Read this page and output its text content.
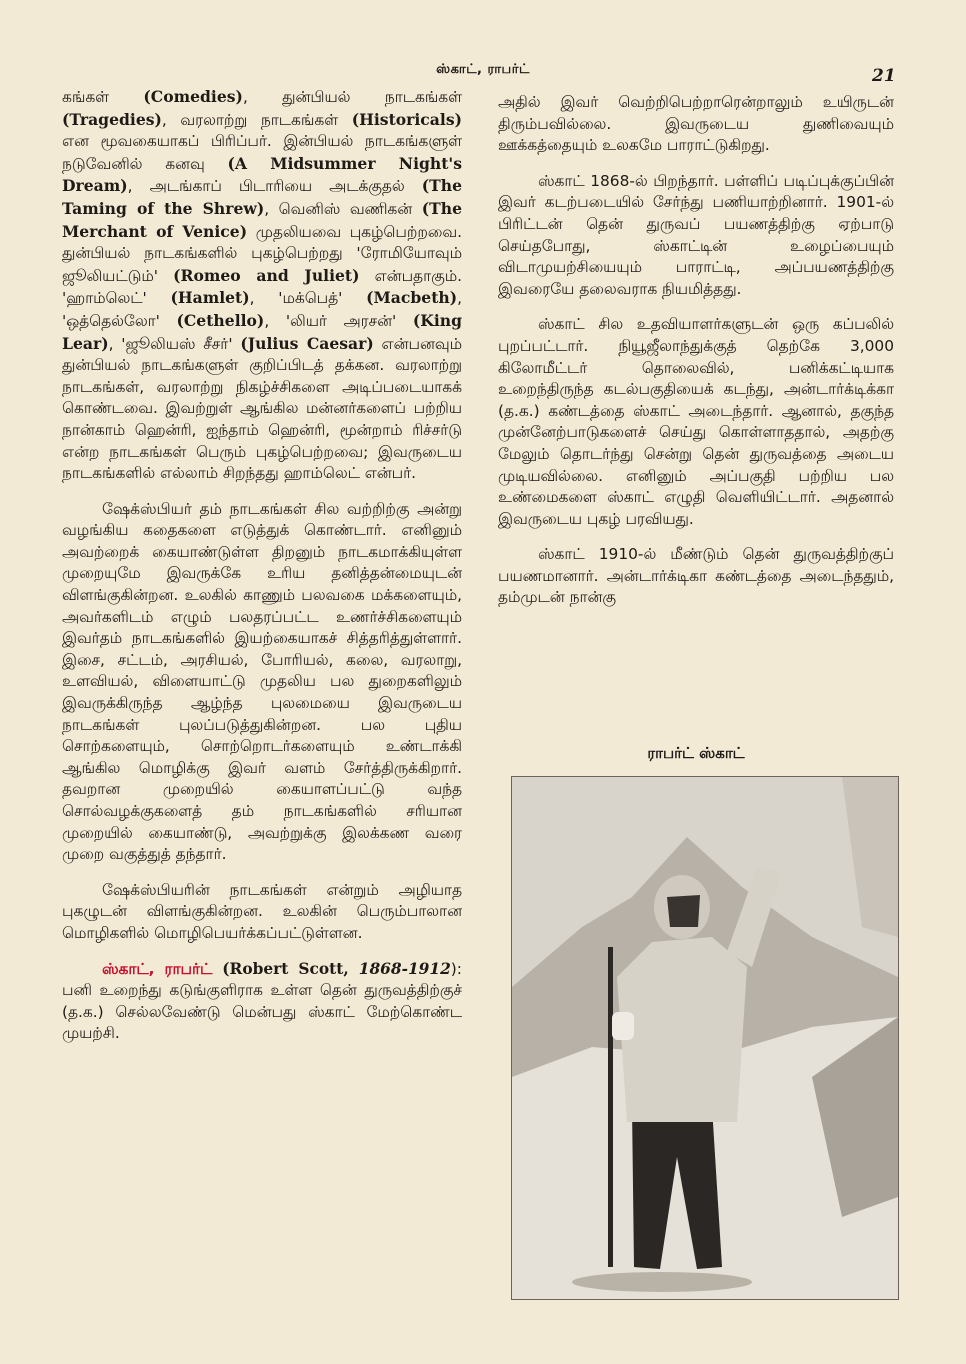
ஸ்காட், ராபர்ட்	21

கங்கள் (Comedies), துன்பியல் நாடகங்கள் (Tragedies), வரலாற்று நாடகங்கள் (Historicals) என மூவகையாகப் பிரிப்பர். இன்பியல் நாடகங்களுள் நடுவேனில் கனவு (A Midsummer Night's Dream), அடங்காப் பிடாரியை அடக்குதல் (The Taming of the Shrew), வெனிஸ் வணிகன் (The Merchant of Venice) முதலியவை புகழ்பெற்றவை. துன்பியல் நாடகங்களில் புகழ்பெற்றது 'ரோமியோவும் ஜூலியட்டும்' (Romeo and Juliet) என்பதாகும். 'ஹாம்லெட்' (Hamlet), 'மக்பெத்' (Macbeth), 'ஒத்தெல்லோ' (Cethello), 'லியர் அரசன்' (King Lear), 'ஜூலியஸ் சீசர்' (Julius Caesar) என்பனவும் துன்பியல் நாடகங்களுள் குறிப்பிடத் தக்கன. வரலாற்று நாடகங்கள், வரலாற்று நிகழ்ச்சிகளை அடிப்படையாகக் கொண்டவை. இவற்றுள் ஆங்கில மன்னர்களைப் பற்றிய நான்காம் ஹென்ரி, ஐந்தாம் ஹென்ரி, மூன்றாம் ரிச்சர்டு என்ற நாடகங்கள் பெரும் புகழ்பெற்றவை; இவருடைய நாடகங்களில் எல்லாம் சிறந்தது ஹாம்லெட் என்பர்.

ஷேக்ஸ்பியர் தம் நாடகங்கள் சில வற்றிற்கு அன்று வழங்கிய கதைகளை எடுத்துக் கொண்டார். எனினும் அவற்றைக் கையாண்டுள்ள திறனும் நாடகமாக்கியுள்ள முறையுமே இவருக்கே உரிய தனித்தன்மையுடன் விளங்குகின்றன. உலகில் காணும் பலவகை மக்களையும், அவர்களிடம் எழும் பலதரப்பட்ட உணர்ச்சிகளையும் இவர்தம் நாடகங்களில் இயற்கையாகச் சித்தரித்துள்ளார். இசை, சட்டம், அரசியல், போரியல், கலை, வரலாறு, உளவியல், விளையாட்டு முதலிய பல துறைகளிலும் இவருக்கிருந்த ஆழ்ந்த புலமையை இவருடைய நாடகங்கள் புலப்படுத்துகின்றன. பல புதிய சொற்களையும், சொற்றொடர்களையும் உண்டாக்கி ஆங்கில மொழிக்கு இவர் வளம் சேர்த்திருக்கிறார். தவறான முறையில் கையாளப்பட்டு வந்த சொல்வழக்குகளைத் தம் நாடகங்களில் சரியான முறையில் கையாண்டு, அவற்றுக்கு இலக்கண வரை முறை வகுத்துத் தந்தார்.

ஷேக்ஸ்பியரின் நாடகங்கள் என்றும் அழியாத புகழுடன் விளங்குகின்றன. உலகின் பெரும்பாலான மொழிகளில் மொழிபெயர்க்கப்பட்டுள்ளன.

ஸ்காட், ராபர்ட் (Robert Scott, 1868-1912): பனி உறைந்து கடுங்குளிராக உள்ள தென் துருவத்திற்குச் (த.க.) செல்லவேண்டு மென்பது ஸ்காட் மேற்கொண்ட முயற்சி.

அதில் இவர் வெற்றிபெற்றாரென்றாலும் உயிருடன் திரும்பவில்லை. இவருடைய துணிவையும் ஊக்கத்தையும் உலகமே பாராட்டுகிறது.

ஸ்காட் 1868-ல் பிறந்தார். பள்ளிப் படிப்புக்குப்பின் இவர் கடற்படையில் சேர்ந்து பணியாற்றினார். 1901-ல் பிரிட்டன் தென் துருவப் பயணத்திற்கு ஏற்பாடு செய்தபோது, ஸ்காட்டின் உழைப்பையும் விடாமுயற்சியையும் பாராட்டி, அப்பயணத்திற்கு இவரையே தலைவராக நியமித்தது.

ஸ்காட் சில உதவியாளர்களுடன் ஒரு கப்பலில் புறப்பட்டார். நியூஜீலாந்துக்குத் தெற்கே 3,000 கிலோமீட்டர் தொலைவில், பனிக்கட்டியாக உறைந்திருந்த கடல்பகுதியைக் கடந்து, அன்டார்க்டிக்கா (த.க.) கண்டத்தை ஸ்காட் அடைந்தார். ஆனால், தகுந்த முன்னேற்பாடுகளைச் செய்து கொள்ளாததால், அதற்கு மேலும் தொடர்ந்து சென்று தென் துருவத்தை அடைய முடியவில்லை. எனினும் அப்பகுதி பற்றிய பல உண்மைகளை ஸ்காட் எழுதி வெளியிட்டார். அதனால் இவருடைய புகழ் பரவியது.

ஸ்காட் 1910-ல் மீண்டும் தென் துருவத்திற்குப் பயணமானார். அன்டார்க்டிகா கண்டத்தை அடைந்ததும், தம்முடன் நான்கு

ராபர்ட் ஸ்காட்
